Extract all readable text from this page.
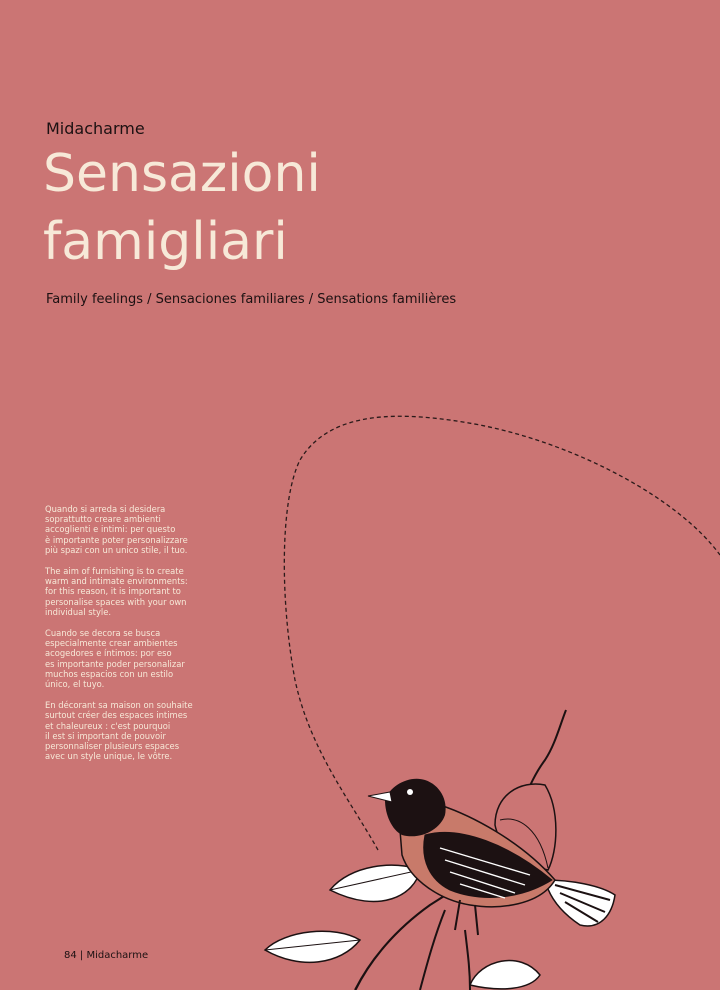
Midacharme
Sensazioni
famigliari
Family feelings / Sensaciones familiares / Sensations familières

Quando si arreda si desidera
soprattutto creare ambienti
accoglienti e intimi: per questo
è importante poter personalizzare
più spazi con un unico stile, il tuo.

The aim of furnishing is to create
warm and intimate environments:
for this reason, it is important to
personalise spaces with your own
individual style.

Cuando se decora se busca
especialmente crear ambientes
acogedores e íntimos: por eso
es importante poder personalizar
muchos espacios con un estilo
único, el tuyo.

En décorant sa maison on souhaite
surtout créer des espaces intimes
et chaleureux : c'est pourquoi
il est si important de pouvoir
personnaliser plusieurs espaces
avec un style unique, le vôtre.

84 | Midacharme
